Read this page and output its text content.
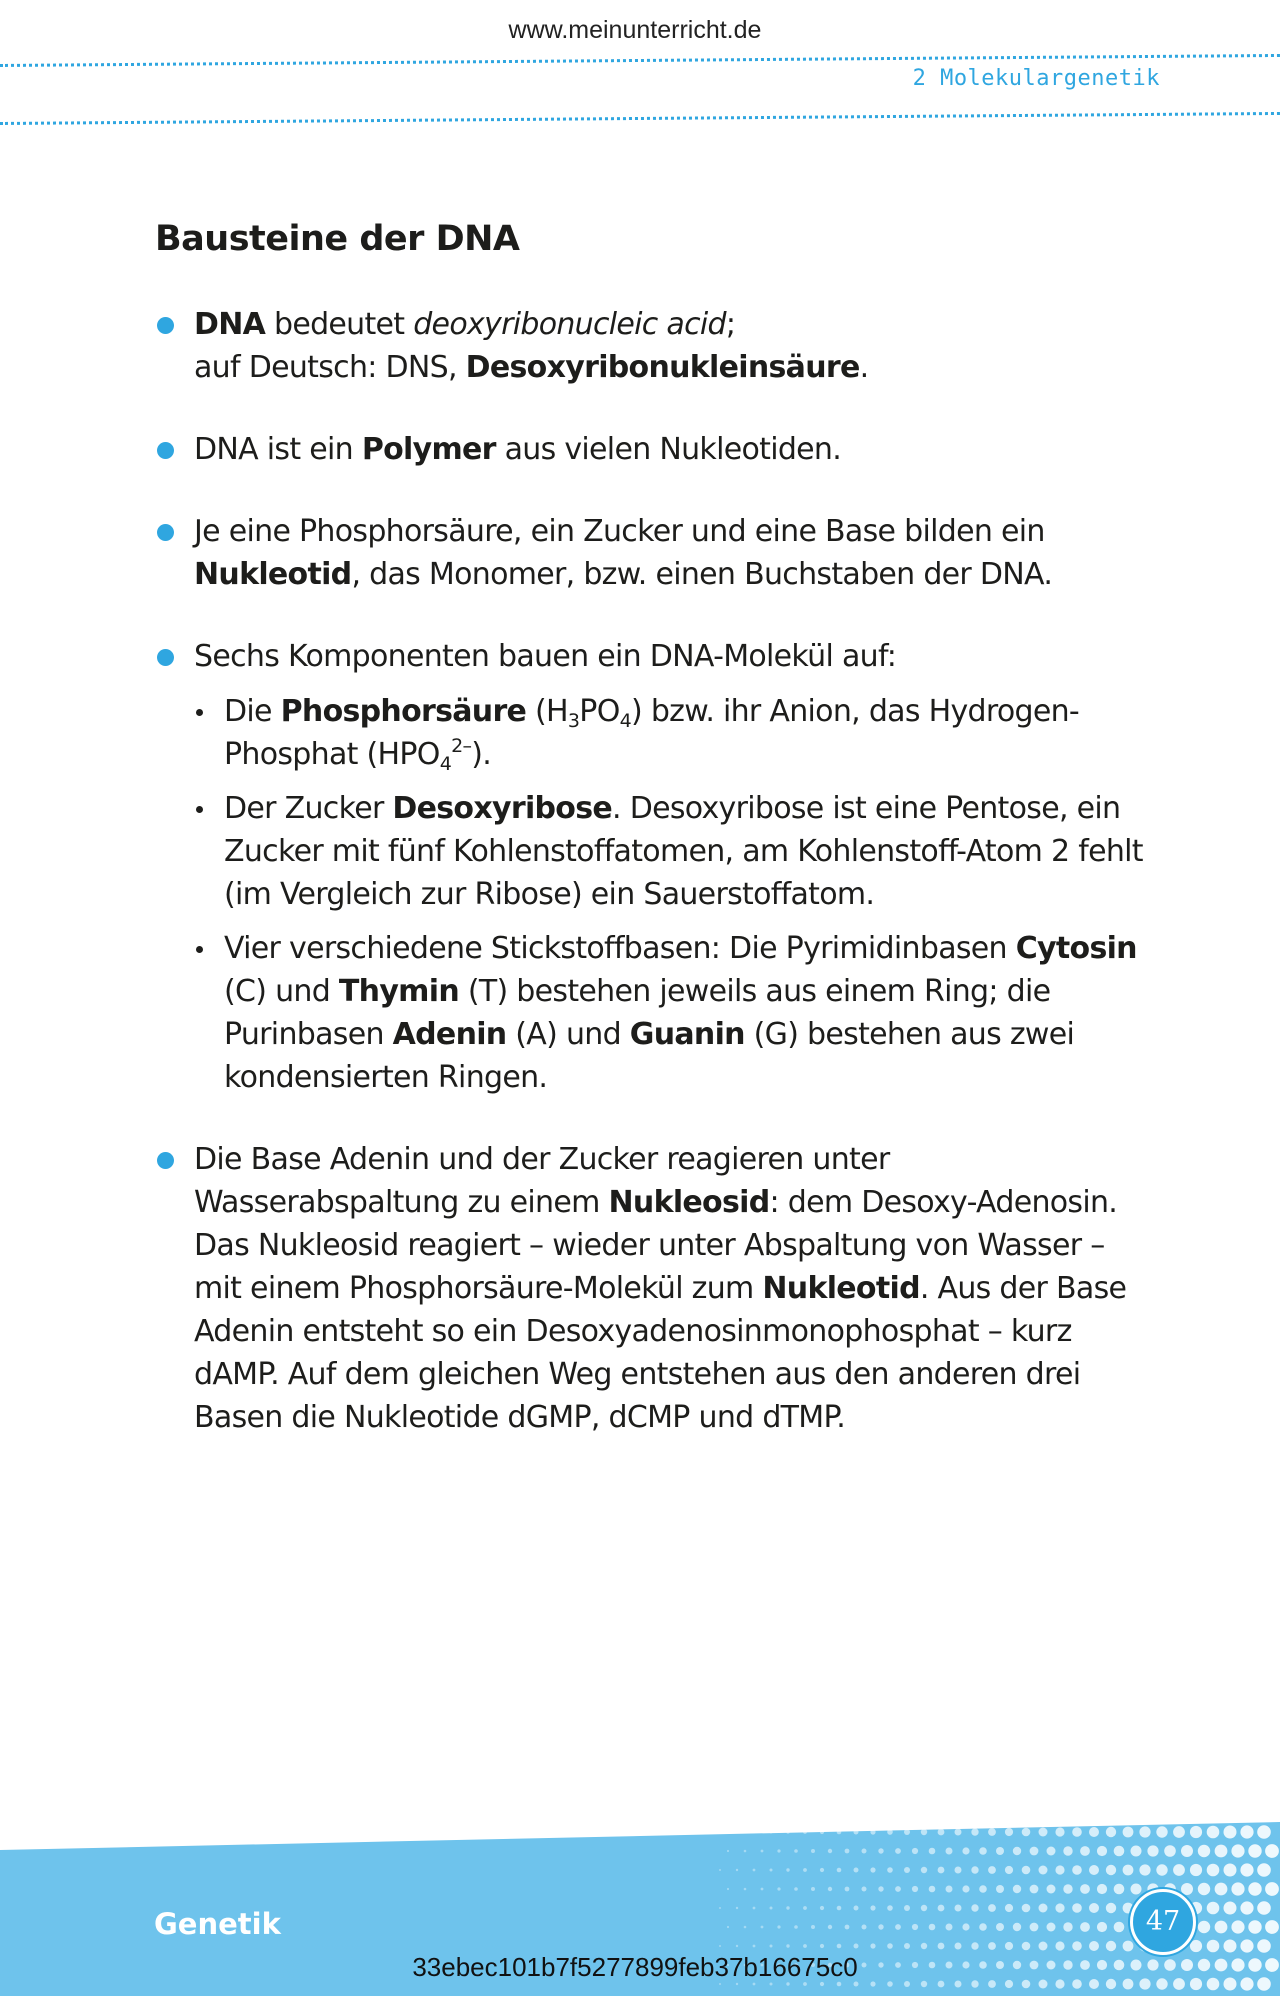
www.meinunterricht.de
2 Molekulargenetik
Bausteine der DNA
DNA bedeutet deoxyribonucleic acid;
auf Deutsch: DNS, Desoxyribonukleinsäure.
DNA ist ein Polymer aus vielen Nukleotiden.
Je eine Phosphorsäure, ein Zucker und eine Base bilden ein Nukleotid, das Monomer, bzw. einen Buchstaben der DNA.
Sechs Komponenten bauen ein DNA-Molekül auf:
Die Phosphorsäure $(H_3PO_4)$ bzw. ihr Anion, das Hydrogen-Phosphat $(HPO_4^{2-})$.
Der Zucker Desoxyribose. Desoxyribose ist eine Pentose, ein Zucker mit fünf Kohlenstoffatomen, am Kohlenstoff-Atom 2 fehlt (im Vergleich zur Ribose) ein Sauerstoffatom.
Vier verschiedene Stickstoffbasen: Die Pyrimidinbasen Cytosin (C) und Thymin (T) bestehen jeweils aus einem Ring; die Purinbasen Adenin (A) und Guanin (G) bestehen aus zwei kondensierten Ringen.
Die Base Adenin und der Zucker reagieren unter Wasserabspaltung zu einem Nukleosid: dem Desoxy-Adenosin. Das Nukleosid reagiert – wieder unter Abspaltung von Wasser – mit einem Phosphorsäure-Molekül zum Nukleotid. Aus der Base Adenin entsteht so ein Desoxyadenosinmonophosphat – kurz dAMP. Auf dem gleichen Weg entstehen aus den anderen drei Basen die Nukleotide dGMP, dCMP und dTMP.
Genetik	47
33ebec101b7f5277899feb37b16675c0
